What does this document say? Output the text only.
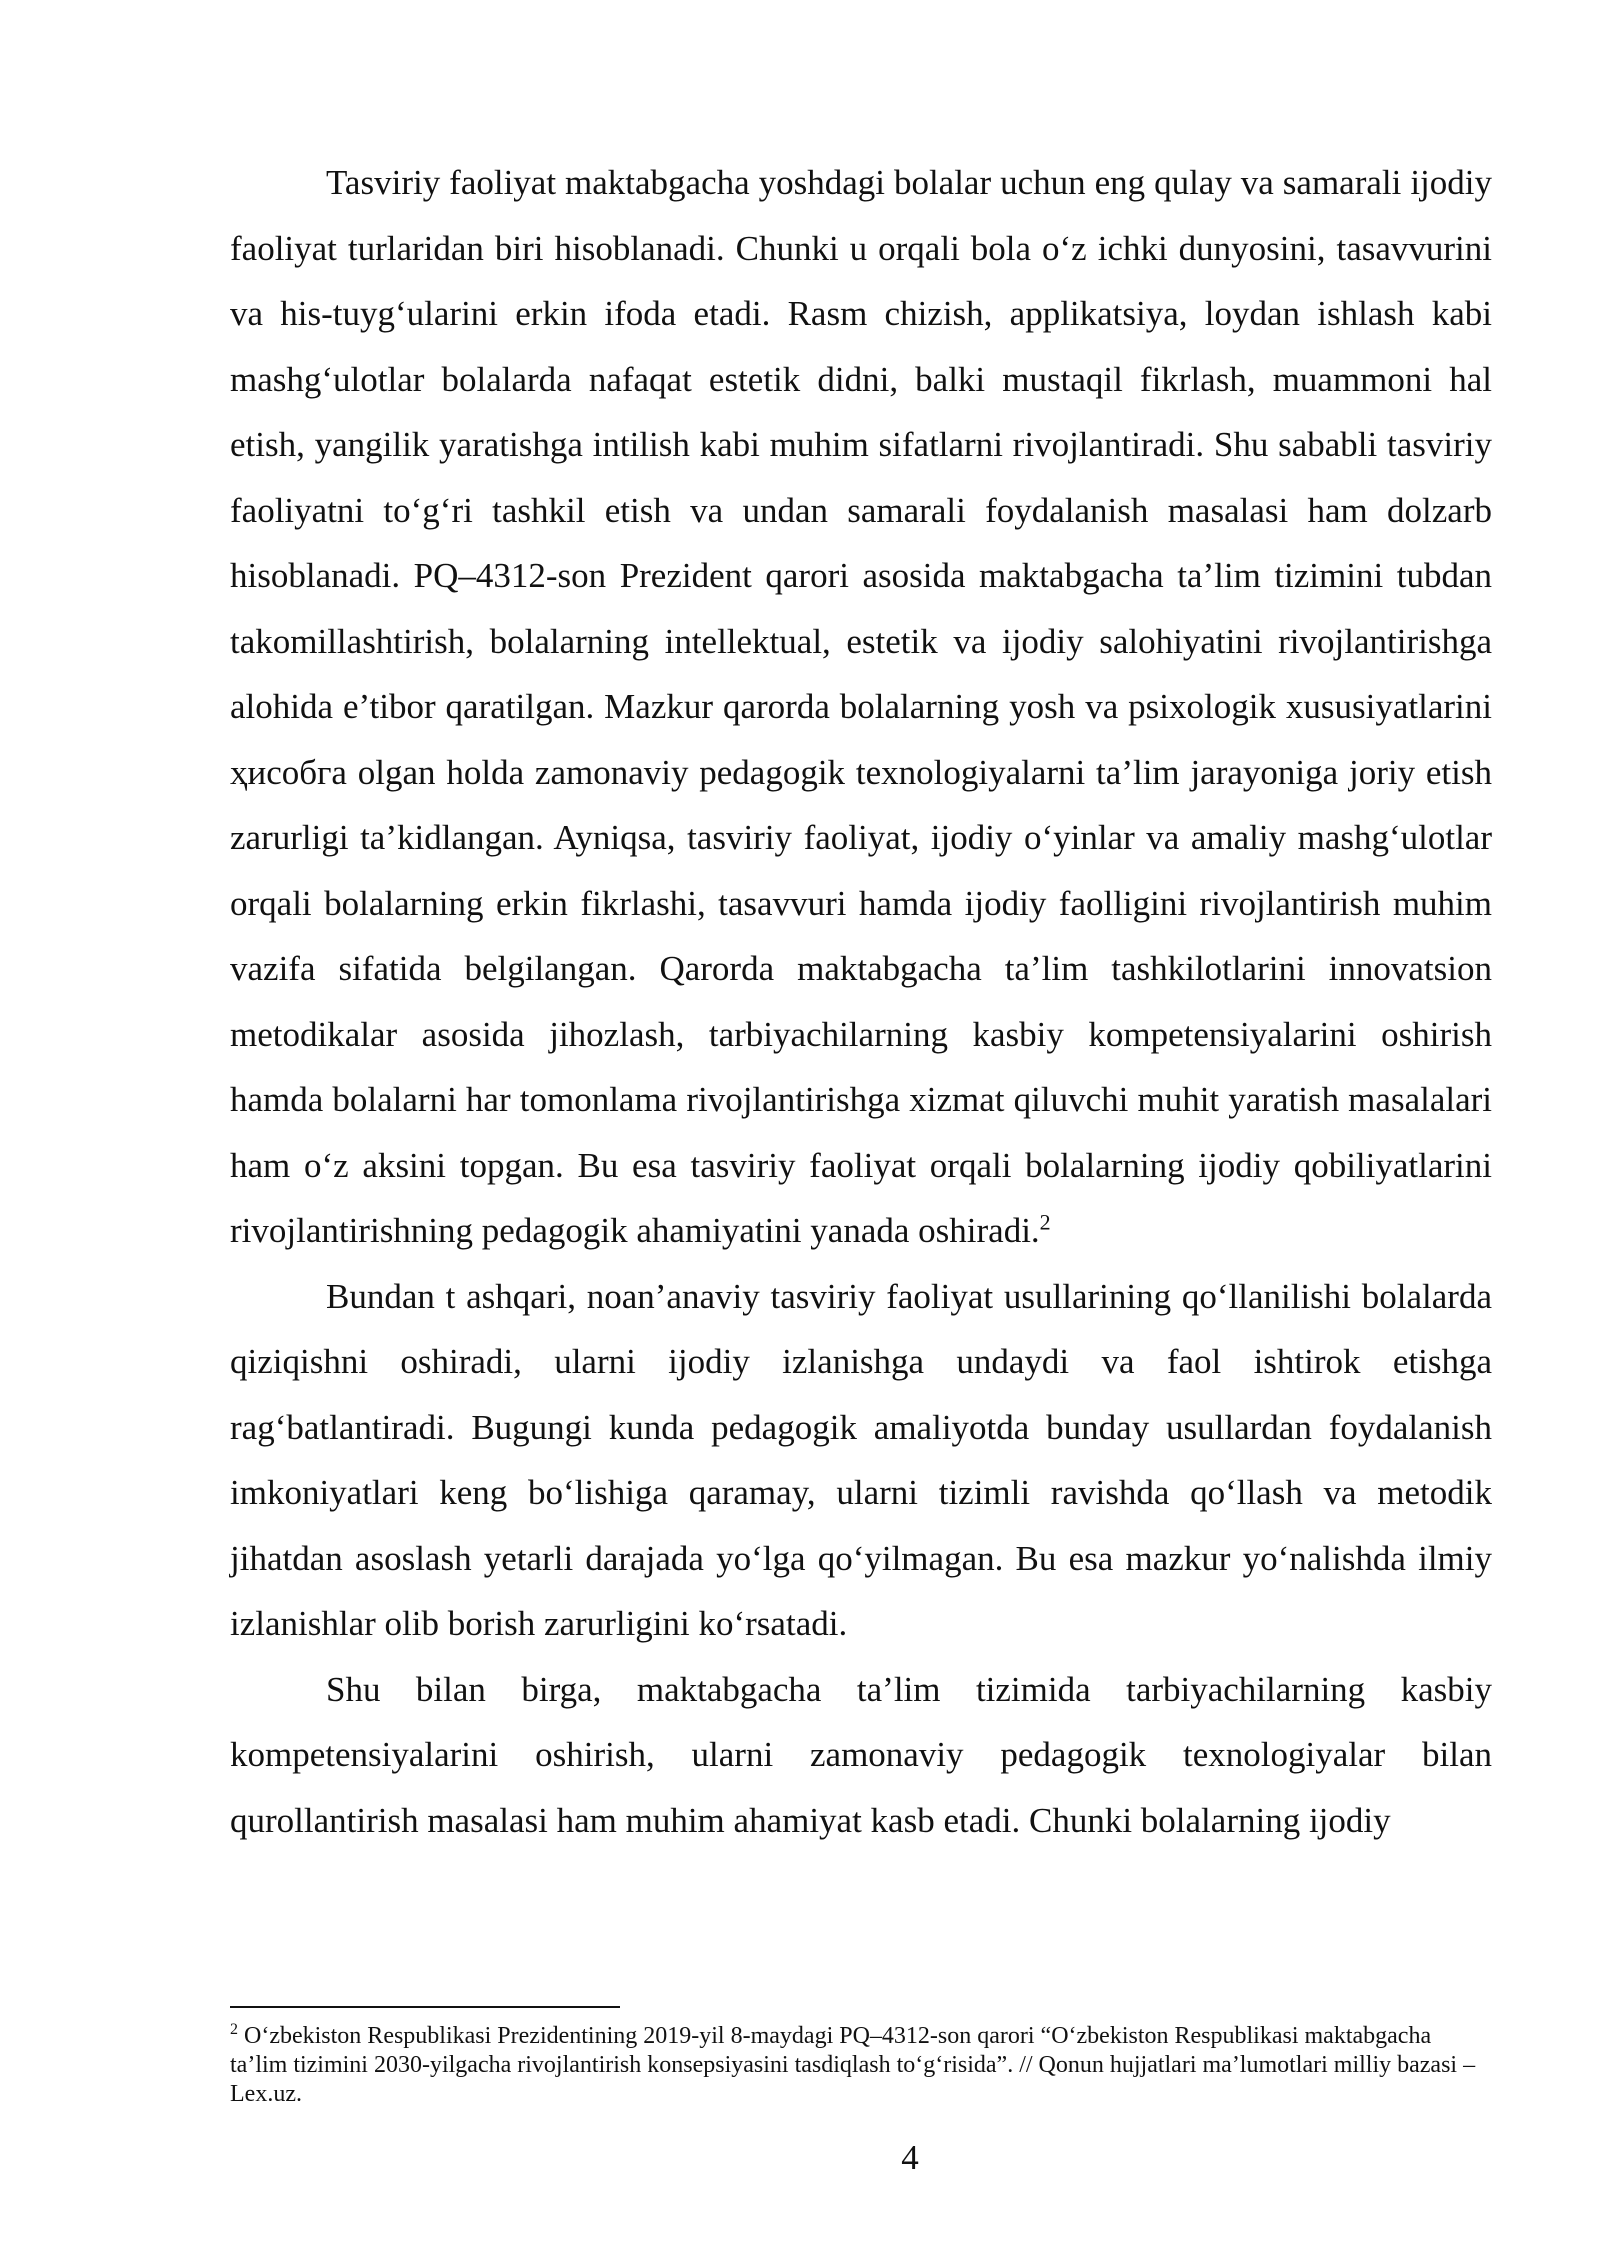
Tasviriy faoliyat maktabgacha yoshdagi bolalar uchun eng qulay va samarali ijodiy faoliyat turlaridan biri hisoblanadi. Chunki u orqali bola o‘z ichki dunyosini, tasavvurini va his-tuyg‘ularini erkin ifoda etadi. Rasm chizish, applikatsiya, loydan ishlash kabi mashg‘ulotlar bolalarda nafaqat estetik didni, balki mustaqil fikrlash, muammoni hal etish, yangilik yaratishga intilish kabi muhim sifatlarni rivojlantiradi. Shu sababli tasviriy faoliyatni to‘g‘ri tashkil etish va undan samarali foydalanish masalasi ham dolzarb hisoblanadi. PQ–4312-son Prezident qarori asosida maktabgacha ta’lim tizimini tubdan takomillashtirish, bolalarning intellektual, estetik va ijodiy salohiyatini rivojlantirishga alohida e’tibor qaratilgan. Mazkur qarorda bolalarning yosh va psixologik xususiyatlarini ҳисобга olgan holda zamonaviy pedagogik texnologiyalarni ta’lim jarayoniga joriy etish zarurligi ta’kidlangan. Ayniqsa, tasviriy faoliyat, ijodiy o‘yinlar va amaliy mashg‘ulotlar orqali bolalarning erkin fikrlashi, tasavvuri hamda ijodiy faolligini rivojlantirish muhim vazifa sifatida belgilangan. Qarorda maktabgacha ta’lim tashkilotlarini innovatsion metodikalar asosida jihozlash, tarbiyachilarning kasbiy kompetensiyalarini oshirish hamda bolalarni har tomonlama rivojlantirishga xizmat qiluvchi muhit yaratish masalalari ham o‘z aksini topgan. Bu esa tasviriy faoliyat orqali bolalarning ijodiy qobiliyatlarini rivojlantirishning pedagogik ahamiyatini yanada oshiradi.$^2$

Bundan t ashqari, noan’anaviy tasviriy faoliyat usullarining qo‘llanilishi bolalarda qiziqishni oshiradi, ularni ijodiy izlanishga undaydi va faol ishtirok etishga rag‘batlantiradi. Bugungi kunda pedagogik amaliyotda bunday usullardan foydalanish imkoniyatlari keng bo‘lishiga qaramay, ularni tizimli ravishda qo‘llash va metodik jihatdan asoslash yetarli darajada yo‘lga qo‘yilmagan. Bu esa mazkur yo‘nalishda ilmiy izlanishlar olib borish zarurligini ko‘rsatadi.

Shu bilan birga, maktabgacha ta’lim tizimida tarbiyachilarning kasbiy kompetensiyalarini oshirish, ularni zamonaviy pedagogik texnologiyalar bilan qurollantirish masalasi ham muhim ahamiyat kasb etadi. Chunki bolalarning ijodiy

$^2$ O‘zbekiston Respublikasi Prezidentining 2019-yil 8-maydagi PQ–4312-son qarori “O‘zbekiston Respublikasi maktabgacha ta’lim tizimini 2030-yilgacha rivojlantirish konsepsiyasini tasdiqlash to‘g‘risida”. // Qonun hujjatlari ma’lumotlari milliy bazasi – Lex.uz.

4
